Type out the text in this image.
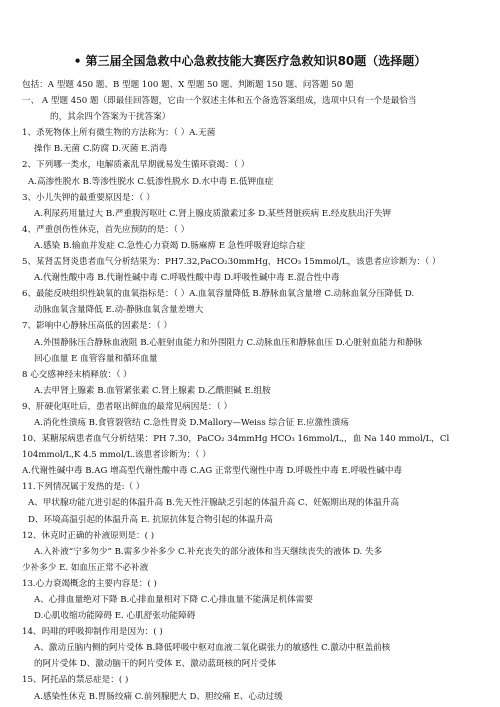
• 第三届全国急救中心急救技能大赛医疗急救知识80题（选择题）
包括：A 型题 450 题、B 型题 100 题、X 型题 50 题、判断题 150 题、问答题 50 题
一、 A 型题 450 题（即最佳回答题，它由一个叙述主体和五个备选答案组成，选项中只有一个是最恰当
的，其余四个答案为干扰答案）
1、杀死物体上所有微生物的方法称为：（ ）A.无菌
操作 B.无菌 C.防腐 D.灭菌 E.消毒
2、下列哪一类水，电解质紊乱早期就易发生循环衰竭：（ ）
A.高渗性脱水 B.等渗性脱水 C.低渗性脱水 D.水中毒 E.低钾血症
3、小儿失钾的最重要原因是：（ ）
A.利尿药用量过大 B.严重腹泻呕吐 C.肾上腺皮质激素过多 D.某些肾脏疾病 E.经皮肤出汗失钾
4、严重创伤性休克，首先应预防的是：（ ）
A.感染 B.输血并发症 C.急性心力衰竭 D.肠麻痹 E 急性呼吸窘迫综合症
5、某肾盂肾炎患者血气分析结果为：PH7.32,PaCO₂30mmHg，HCO₃ 15mmol/L，该患者应诊断为：（ ）
A.代谢性酸中毒 B.代谢性碱中毒 C.呼吸性酸中毒 D.呼吸性碱中毒 E.混合性中毒
6、最能反映组织性缺氧的血氧指标是：（ ）A.血氧容量降低 B.静脉血氧含量增 C.动脉血氧分压降低 D.
动脉血氧含量降低 E.动-静脉血氧含量差增大
7、影响中心静脉压高低的因素是：（ ）
A.外围静脉压合静脉血液阻 B.心脏射血能力和外围阻力 C.动脉血压和静脉血压 D.心脏射血能力和静脉
回心血量 E 血管容量和循环血量
8 心交感神经末梢释放：（ ）
A.去甲肾上腺素 B.血管紧张素 C.肾上腺素 D.乙酰胆碱 E.组胺
9、肝硬化呕吐后，患者呕出鲜血的最常见病因是：（ ）
A.消化性溃疡 B.食管裂管结 C.急性胃炎 D.Mallory—Weiss 综合征 E.应激性溃疡
10、某糖尿病患者血气分析结果：PH 7.30，PaCO₂ 34mmHg HCO₃ 16mmol/L,，血 Na 140 mmol/L，Cl
104mmol/L,K 4.5 mmol/L.该患者诊断为：（ ）
A.代谢性碱中毒 B.AG 增高型代谢性酸中毒 C.AG 正常型代谢性中毒 D.呼吸性中毒 E.呼吸性碱中毒
11.下列情况属于发热的是:（ ）
A、甲状腺功能亢进引起的体温升高 B.先天性汗腺缺乏引起的体温升高 C、妊娠期出现的体温升高
D、环境高温引起的体温升高 E. 抗原抗体复合物引起的体温升高
12、休克时正确的补液原则是：( )
A.入补液“宁多勿少” B.需多少补多少 C.补充丧失的部分液体和当天继续丧失的液体 D. 失多
少补多少 E. 如血压正常不必补液
13.心力衰竭概念的主要内容是：( )
A、心排血量绝对下降 B.心排血量相对下降 C.心排血量不能满足机体需要
D.心肌收缩功能障碍 E. 心肌舒张功能障碍
14、吗啡的呼吸抑制作用是因为：( )
A、激动丘脑内侧的阿片受体 B.降低呼吸中枢对血液二氧化碳张力的敏感性 C.激动中枢盖前核
的阿片受体 D、激动脑干的阿片受体 E、激动蓝斑核的阿片受体
15、阿托品的禁忌症是：( )
A.感染性休克 B.胃肠绞痛 C.前列腺肥大 D、胆绞痛 E、心动过缓
